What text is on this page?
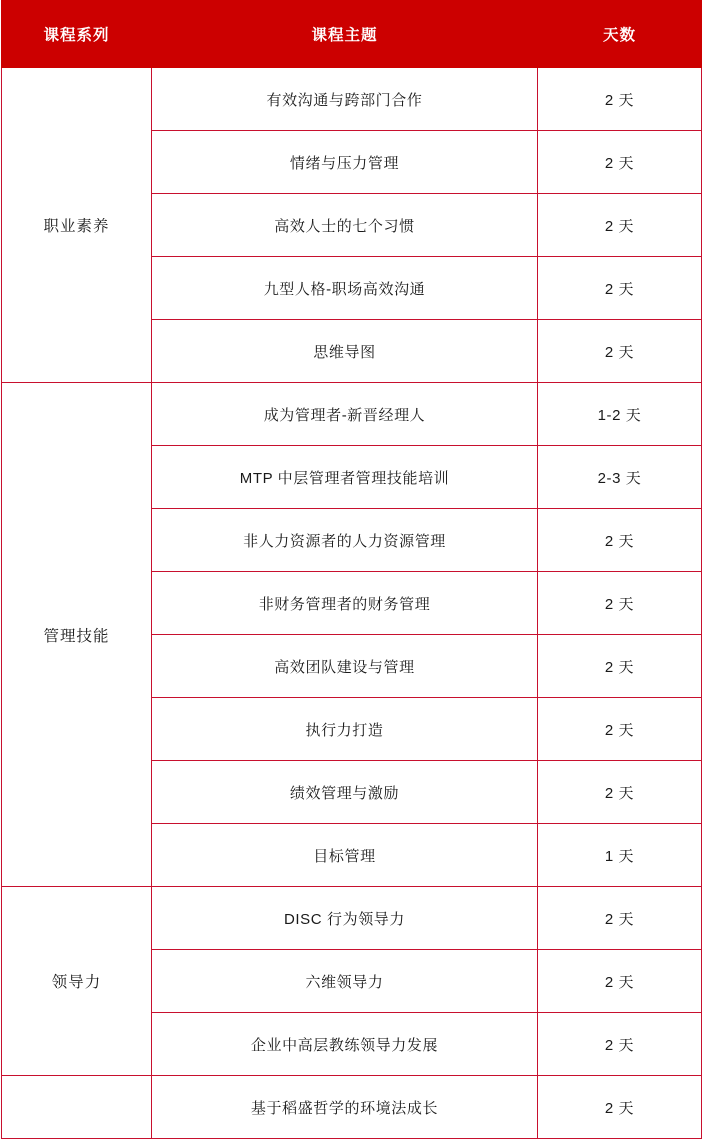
课程系列	课程主题	天数
职业素养	有效沟通与跨部门合作	2 天
	情绪与压力管理	2 天
	高效人士的七个习惯	2 天
	九型人格-职场高效沟通	2 天
	思维导图	2 天
管理技能	成为管理者-新晋经理人	1-2 天
	MTP 中层管理者管理技能培训	2-3 天
	非人力资源者的人力资源管理	2 天
	非财务管理者的财务管理	2 天
	高效团队建设与管理	2 天
	执行力打造	2 天
	绩效管理与激励	2 天
	目标管理	1 天
领导力	DISC 行为领导力	2 天
	六维领导力	2 天
	企业中高层教练领导力发展	2 天
	基于稻盛哲学的环境法成长	2 天
